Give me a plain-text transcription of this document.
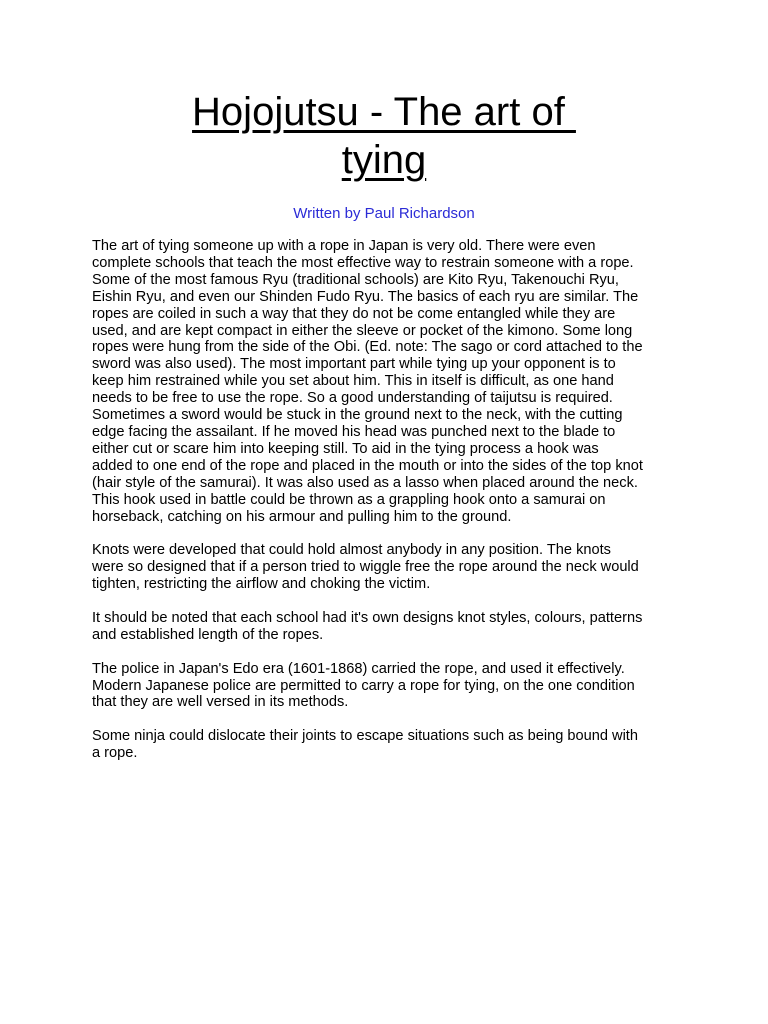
Hojojutsu - The art of
tying

Written by Paul Richardson

The art of tying someone up with a rope in Japan is very old. There were even
complete schools that teach the most effective way to restrain someone with a rope.
Some of the most famous Ryu (traditional schools) are Kito Ryu, Takenouchi Ryu,
Eishin Ryu, and even our Shinden Fudo Ryu. The basics of each ryu are similar. The
ropes are coiled in such a way that they do not be come entangled while they are
used, and are kept compact in either the sleeve or pocket of the kimono. Some long
ropes were hung from the side of the Obi. (Ed. note: The sago or cord attached to the
sword was also used). The most important part while tying up your opponent is to
keep him restrained while you set about him. This in itself is difficult, as one hand
needs to be free to use the rope. So a good understanding of taijutsu is required.
Sometimes a sword would be stuck in the ground next to the neck, with the cutting
edge facing the assailant. If he moved his head was punched next to the blade to
either cut or scare him into keeping still. To aid in the tying process a hook was
added to one end of the rope and placed in the mouth or into the sides of the top knot
(hair style of the samurai). It was also used as a lasso when placed around the neck.
This hook used in battle could be thrown as a grappling hook onto a samurai on
horseback, catching on his armour and pulling him to the ground.

Knots were developed that could hold almost anybody in any position. The knots
were so designed that if a person tried to wiggle free the rope around the neck would
tighten, restricting the airflow and choking the victim.

It should be noted that each school had it's own designs knot styles, colours, patterns
and established length of the ropes.

The police in Japan's Edo era (1601-1868) carried the rope, and used it effectively.
Modern Japanese police are permitted to carry a rope for tying, on the one condition
that they are well versed in its methods.

Some ninja could dislocate their joints to escape situations such as being bound with
a rope.
